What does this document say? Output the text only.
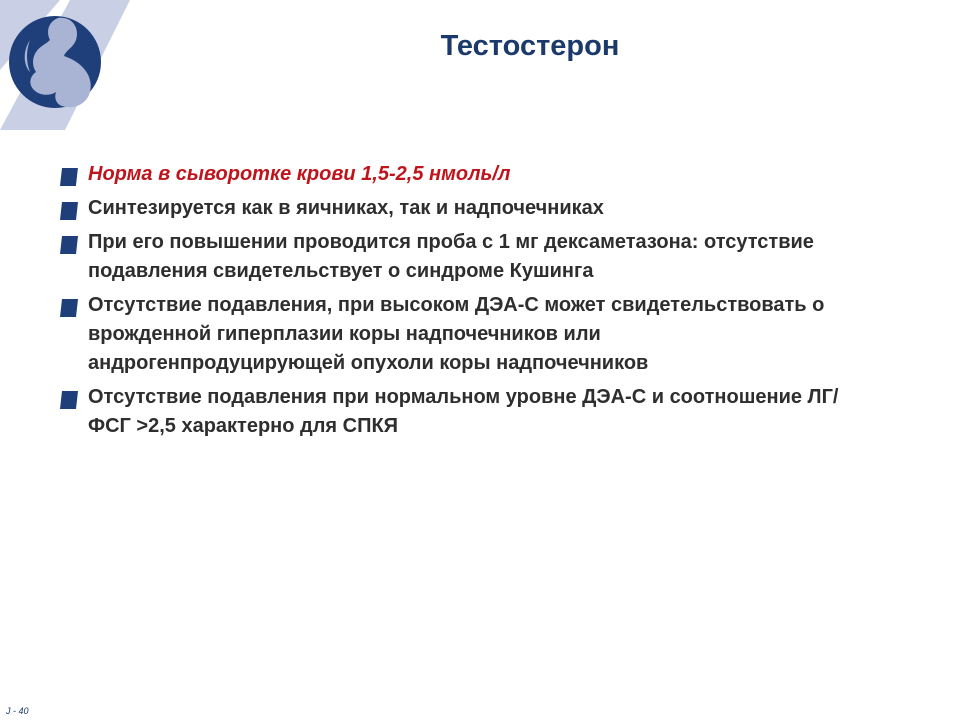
Тестостерон
Норма в сыворотке крови 1,5-2,5 нмоль/л
Синтезируется как в яичниках, так и надпочечниках
При его повышении проводится проба с 1 мг дексаметазона: отсутствие подавления свидетельствует о синдроме Кушинга
Отсутствие подавления, при высоком ДЭА-С может свидетельствовать о врожденной гиперплазии коры надпочечников или андрогенпродуцирующей опухоли коры надпочечников
Отсутствие подавления при нормальном уровне ДЭА-С и соотношение ЛГ/ФСГ >2,5 характерно для СПКЯ
J - 40
